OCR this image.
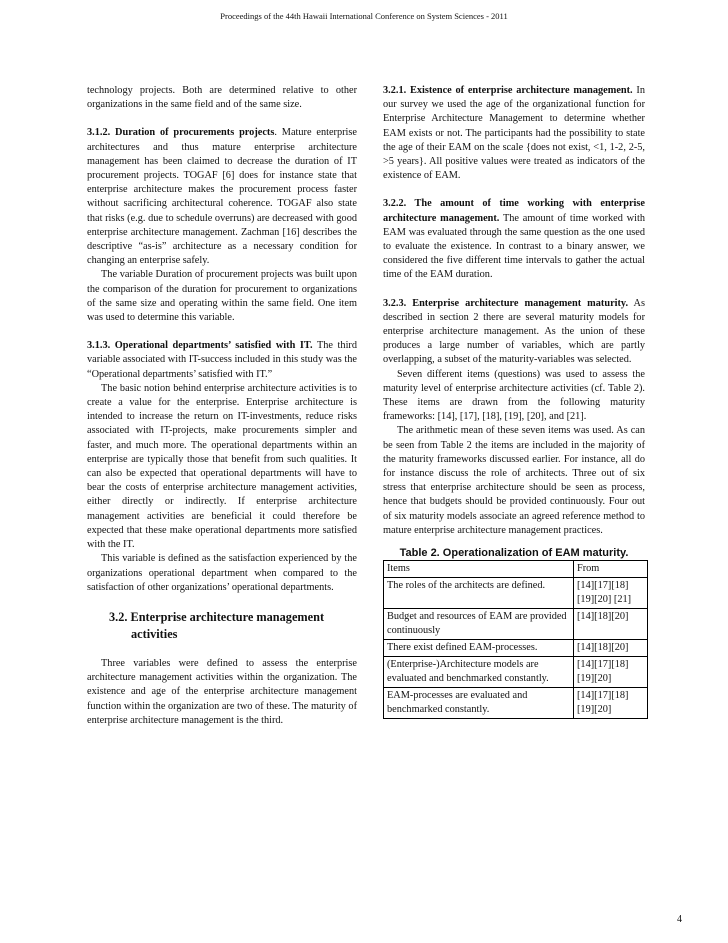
Proceedings of the 44th Hawaii International Conference on System Sciences - 2011

technology projects. Both are determined relative to other organizations in the same field and of the same size.

3.1.2. Duration of procurements projects. Mature enterprise architectures and thus mature enterprise architecture management has been claimed to decrease the duration of IT procurement projects. TOGAF [6] does for instance state that enterprise architecture makes the procurement process faster without sacrificing architectural coherence. TOGAF also state that risks (e.g. due to schedule overruns) are decreased with good enterprise architecture management. Zachman [16] describes the descriptive “as-is” architecture as a necessary condition for changing an enterprise safely.

The variable Duration of procurement projects was built upon the comparison of the duration for procurement to organizations of the same size and operating within the same field. One item was used to determine this variable.

3.1.3. Operational departments’ satisfied with IT. The third variable associated with IT-success included in this study was the “Operational departments’ satisfied with IT.”

The basic notion behind enterprise architecture activities is to create a value for the enterprise. Enterprise architecture is intended to increase the return on IT-investments, reduce risks associated with IT-projects, make procurements simpler and faster, and much more. The operational departments within an enterprise are typically those that benefit from such qualities. It can also be expected that operational departments will have to bear the costs of enterprise architecture management activities, either directly or indirectly. If enterprise architecture management activities are beneficial it could therefore be expected that these make operational departments more satisfied with the IT.

This variable is defined as the satisfaction experienced by the organizations operational department when compared to the satisfaction of other organizations’ operational departments.

3.2. Enterprise architecture management
activities

Three variables were defined to assess the enterprise architecture management activities within the organization. The existence and age of the enterprise architecture management function within the organization are two of these. The maturity of enterprise architecture management is the third.

3.2.1. Existence of enterprise architecture management. In our survey we used the age of the organizational function for Enterprise Architecture Management to determine whether EAM exists or not. The participants had the possibility to state the age of their EAM on the scale {does not exist, <1, 1-2, 2-5, >5 years}. All positive values were treated as indicators of the existence of EAM.

3.2.2. The amount of time working with enterprise architecture management. The amount of time worked with EAM was evaluated through the same question as the one used to evaluate the existence. In contrast to a binary answer, we considered the five different time intervals to gather the actual time of the EAM duration.

3.2.3. Enterprise architecture management maturity. As described in section 2 there are several maturity models for enterprise architecture management. As the union of these produces a large number of variables, which are partly overlapping, a subset of the maturity-variables was selected.

Seven different items (questions) was used to assess the maturity level of enterprise architecture activities (cf. Table 2). These items are drawn from the following maturity frameworks: [14], [17], [18], [19], [20], and [21].

The arithmetic mean of these seven items was used. As can be seen from Table 2 the items are included in the majority of the maturity frameworks discussed earlier. For instance, all do for instance discuss the role of architects. Three out of six stress that enterprise architecture should be seen as process, hence that budgets should be provided continuously. Four out of six maturity models associate an agreed reference method to mature enterprise architecture management practices.

Table 2. Operationalization of EAM maturity.
Items	From
The roles of the architects are defined.	[14][17][18] [19][20] [21]
Budget and resources of EAM are provided continuously	[14][18][20]
There exist defined EAM-processes.	[14][18][20]
(Enterprise-)Architecture models are evaluated and benchmarked constantly.	[14][17][18] [19][20]
EAM-processes are evaluated and benchmarked constantly.	[14][17][18] [19][20]
4
